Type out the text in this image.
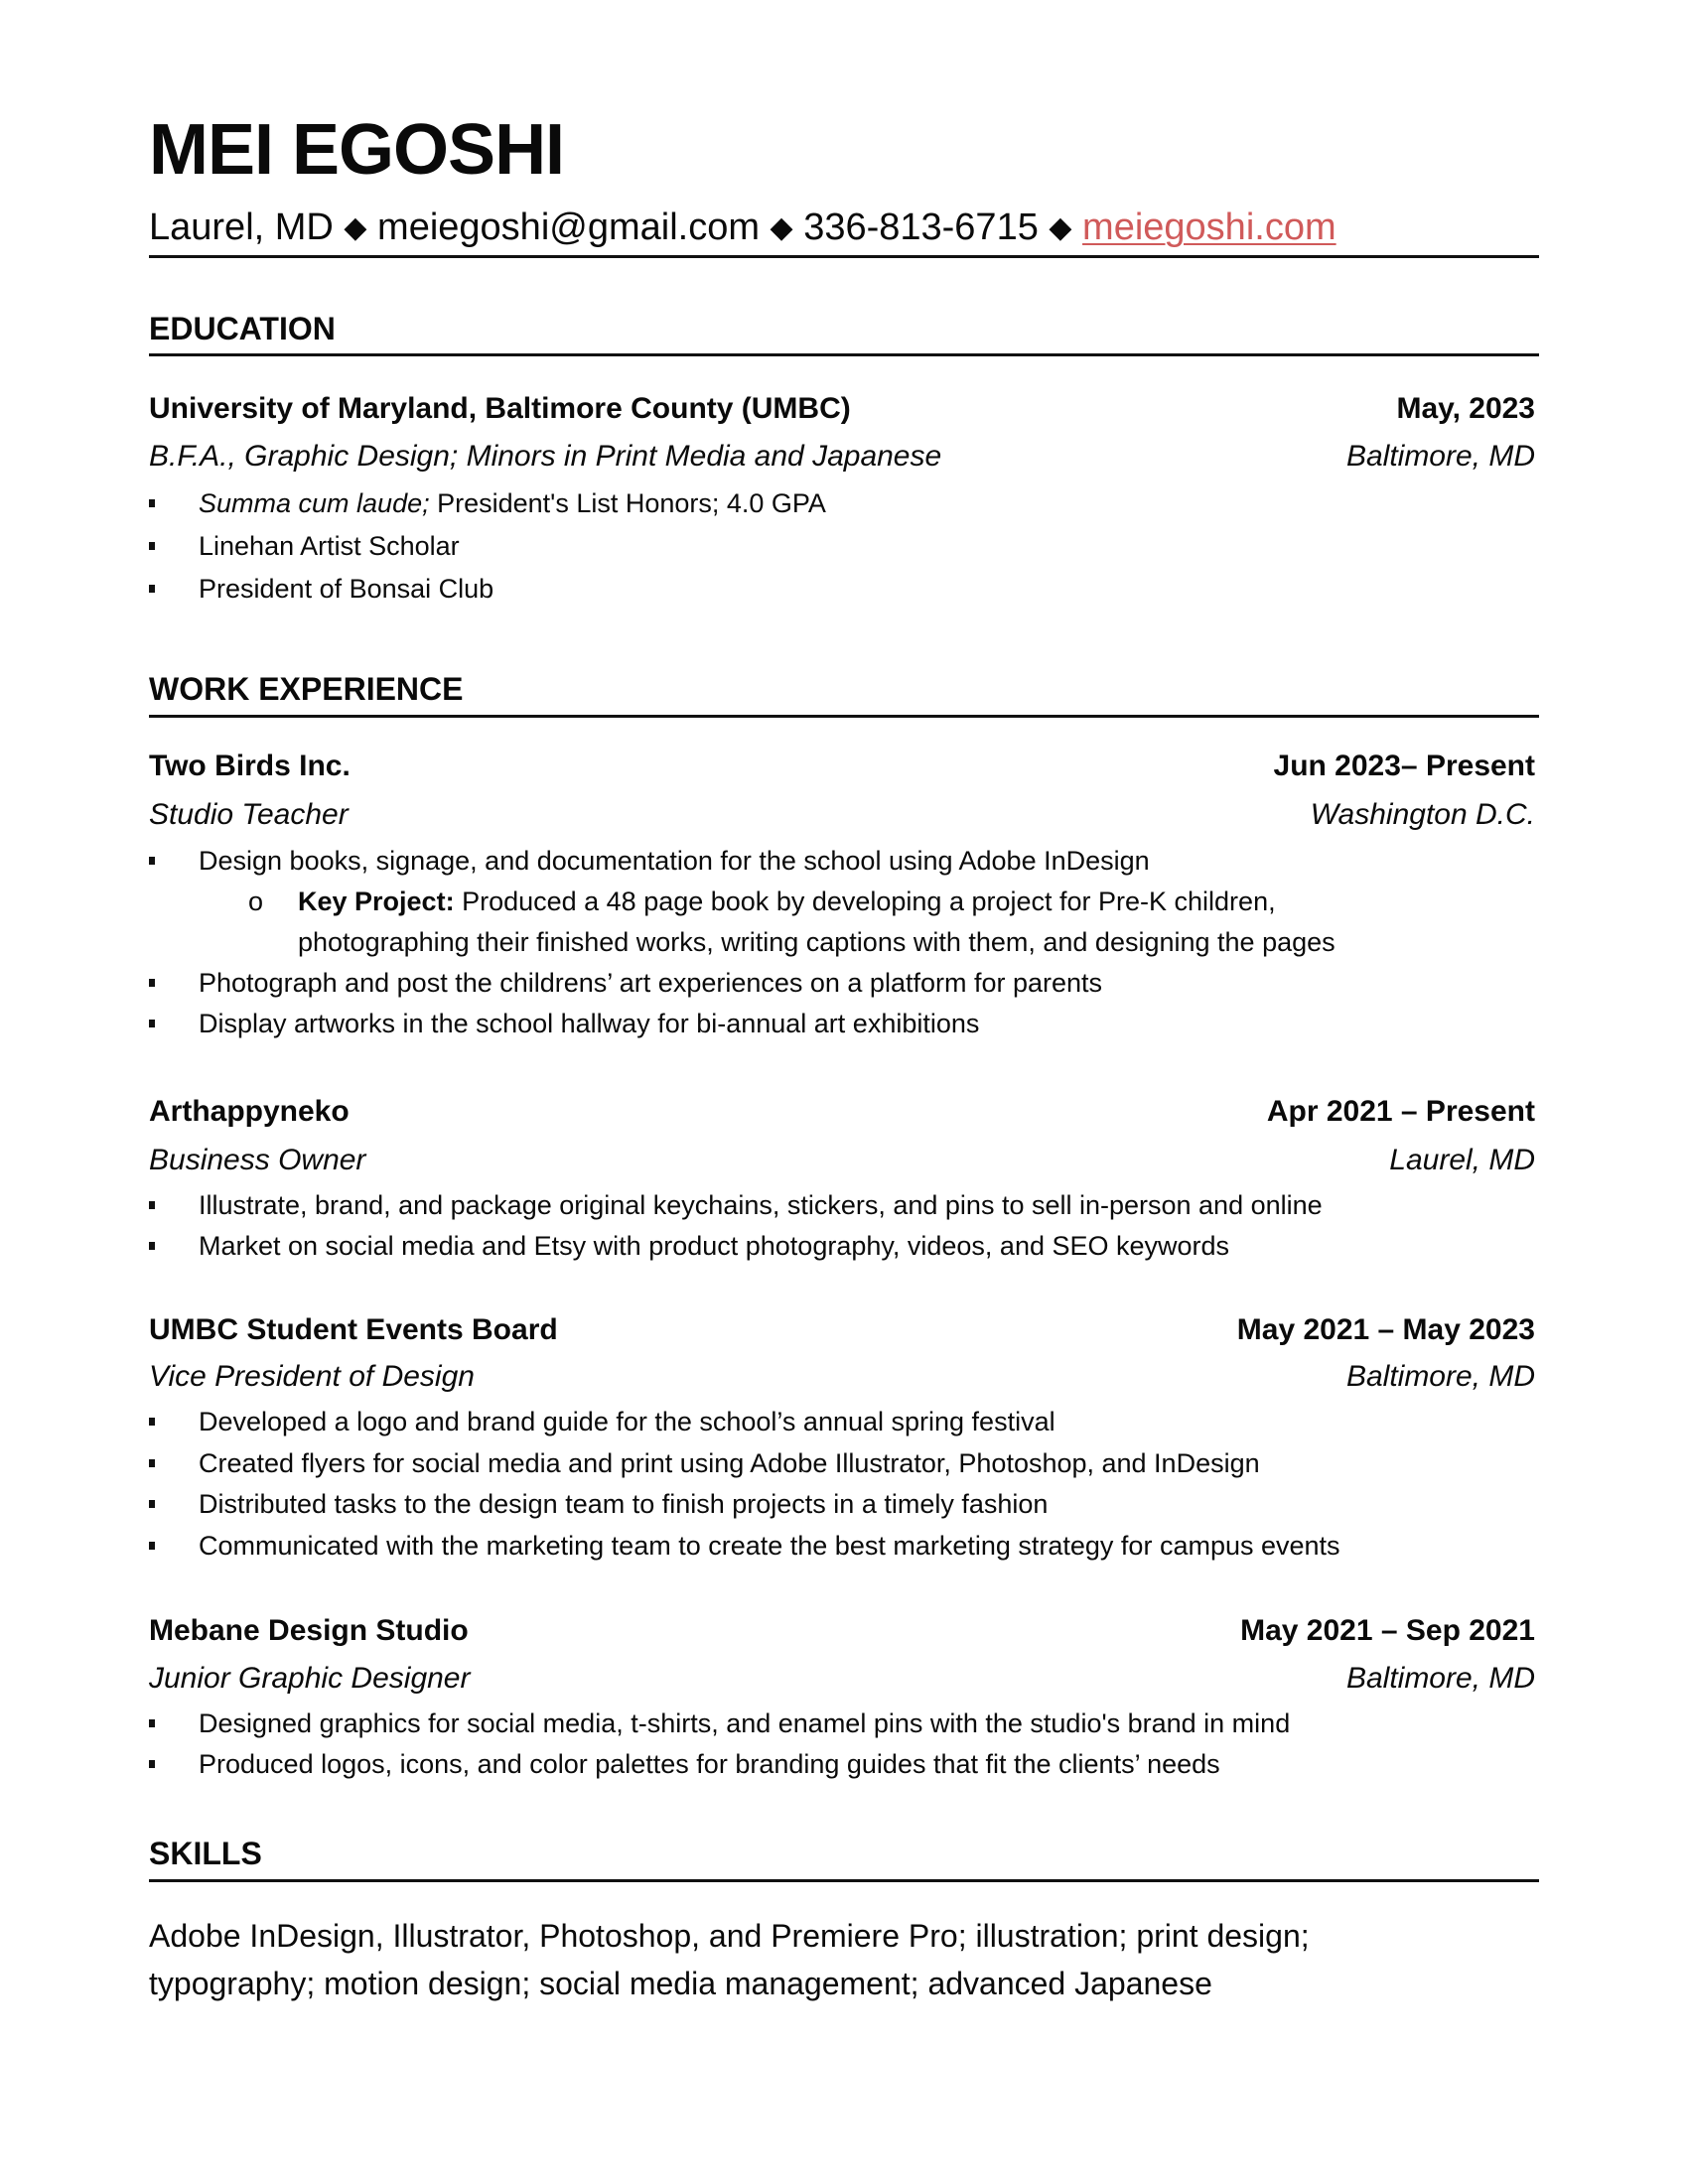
MEI EGOSHI
Laurel, MD ◆ meiegoshi@gmail.com ◆ 336-813-6715 ◆ meiegoshi.com
EDUCATION
University of Maryland, Baltimore County (UMBC)	May, 2023
B.F.A., Graphic Design; Minors in Print Media and Japanese	Baltimore, MD
Summa cum laude; President's List Honors; 4.0 GPA
Linehan Artist Scholar
President of Bonsai Club
WORK EXPERIENCE
Two Birds Inc.	Jun 2023– Present
Studio Teacher	Washington D.C.
Design books, signage, and documentation for the school using Adobe InDesign
o Key Project: Produced a 48 page book by developing a project for Pre-K children,
photographing their finished works, writing captions with them, and designing the pages
Photograph and post the childrens’ art experiences on a platform for parents
Display artworks in the school hallway for bi-annual art exhibitions
Arthappyneko	Apr 2021 – Present
Business Owner	Laurel, MD
Illustrate, brand, and package original keychains, stickers, and pins to sell in-person and online
Market on social media and Etsy with product photography, videos, and SEO keywords
UMBC Student Events Board	May 2021 – May 2023
Vice President of Design	Baltimore, MD
Developed a logo and brand guide for the school’s annual spring festival
Created flyers for social media and print using Adobe Illustrator, Photoshop, and InDesign
Distributed tasks to the design team to finish projects in a timely fashion
Communicated with the marketing team to create the best marketing strategy for campus events
Mebane Design Studio	May 2021 – Sep 2021
Junior Graphic Designer	Baltimore, MD
Designed graphics for social media, t-shirts, and enamel pins with the studio's brand in mind
Produced logos, icons, and color palettes for branding guides that fit the clients’ needs
SKILLS
Adobe InDesign, Illustrator, Photoshop, and Premiere Pro; illustration; print design;
typography; motion design; social media management; advanced Japanese
